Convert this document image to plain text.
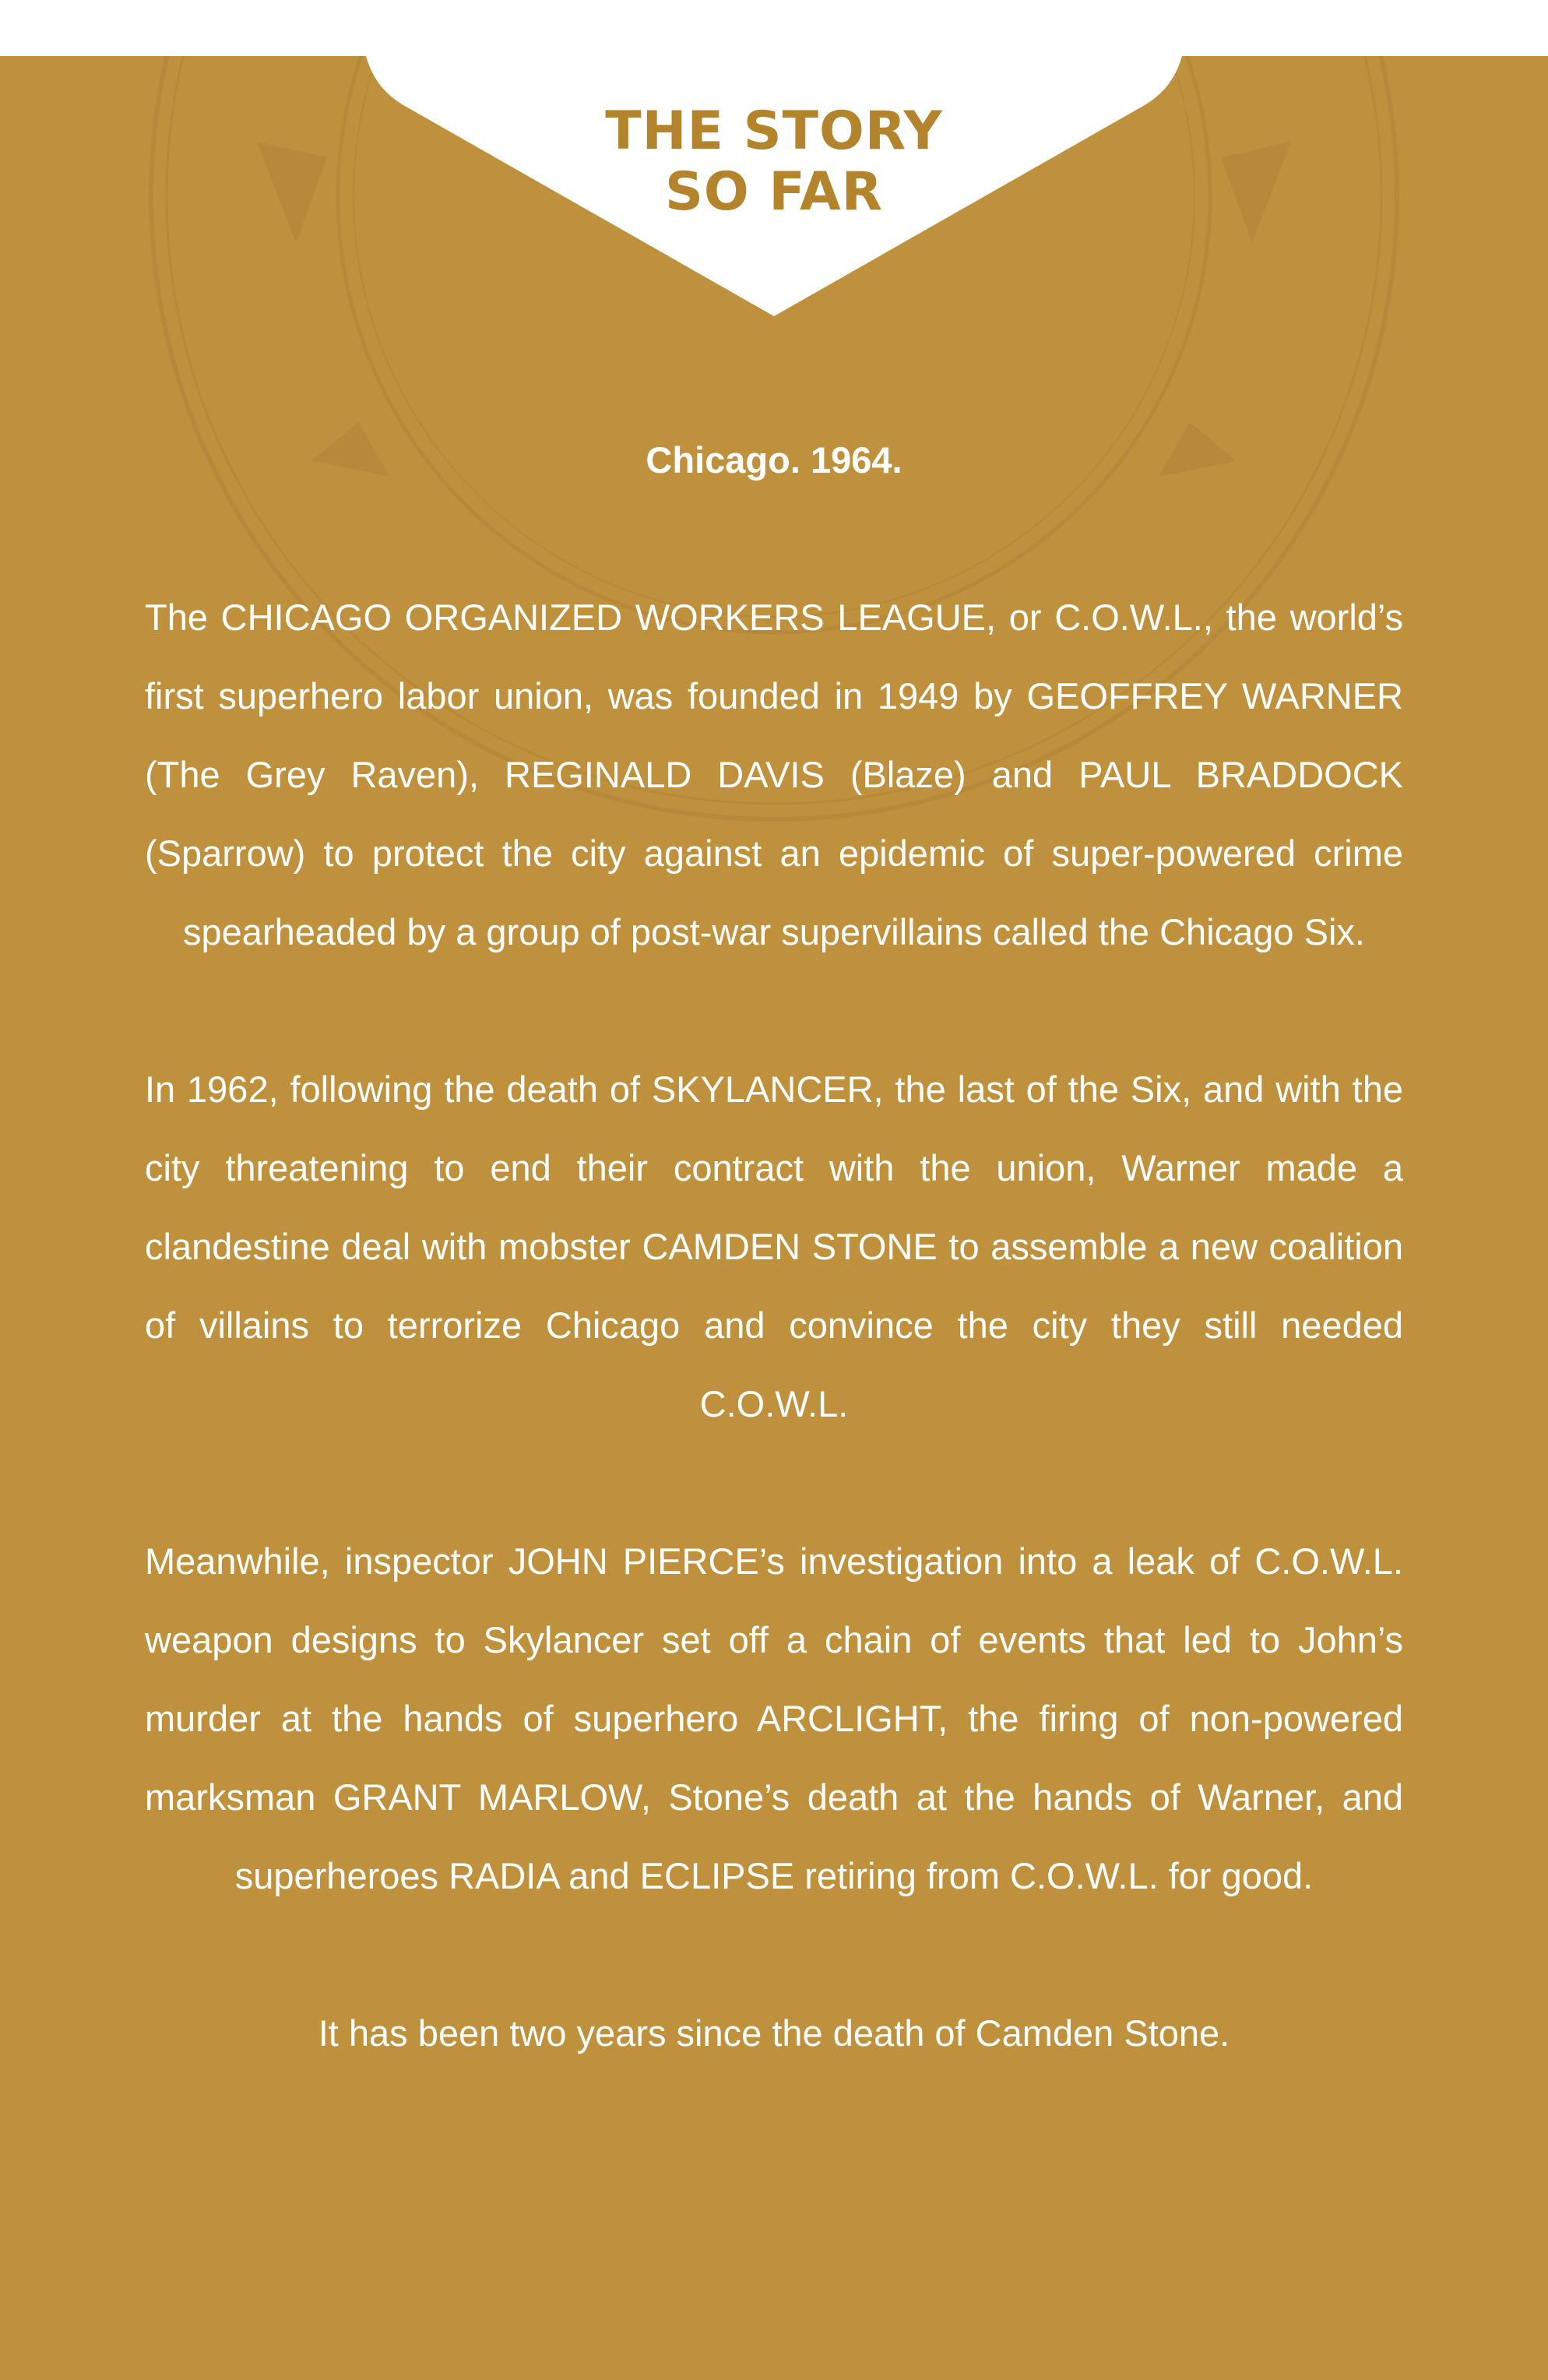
THE STORY
SO FAR

Chicago. 1964.

The CHICAGO ORGANIZED WORKERS LEAGUE, or C.O.W.L., the world’s first superhero labor union, was founded in 1949 by GEOFFREY WARNER (The Grey Raven), REGINALD DAVIS (Blaze) and PAUL BRADDOCK (Sparrow) to protect the city against an epidemic of super-powered crime spearheaded by a group of post-war supervillains called the Chicago Six.

In 1962, following the death of SKYLANCER, the last of the Six, and with the city threatening to end their contract with the union, Warner made a clandestine deal with mobster CAMDEN STONE to assemble a new coalition of villains to terrorize Chicago and convince the city they still needed C.O.W.L.

Meanwhile, inspector JOHN PIERCE’s investigation into a leak of C.O.W.L. weapon designs to Skylancer set off a chain of events that led to John’s murder at the hands of superhero ARCLIGHT, the firing of non-powered marksman GRANT MARLOW, Stone’s death at the hands of Warner, and superheroes RADIA and ECLIPSE retiring from C.O.W.L. for good.

It has been two years since the death of Camden Stone.
